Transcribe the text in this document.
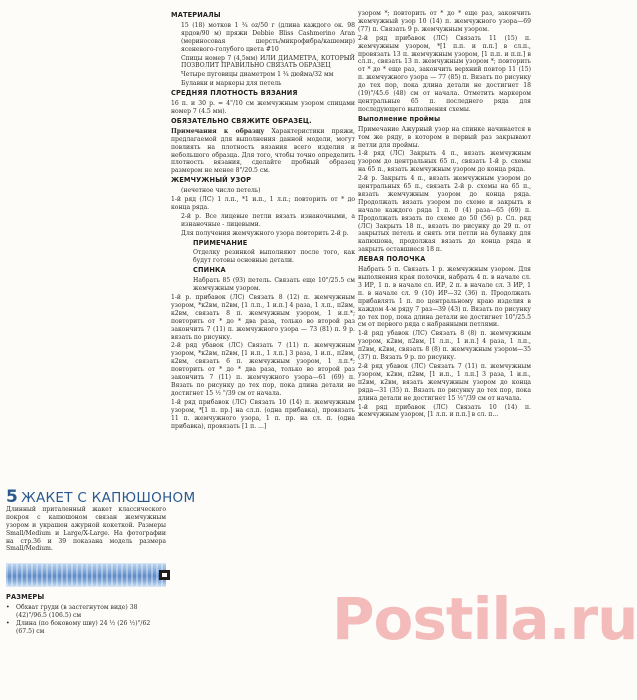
5 ЖАКЕТ С КАПЮШОНОМ
Длинный приталенный жакет классического покроя с капюшоном связан жемчужным узором и украшен ажурной кокеткой. Размеры Small/Medium и Large/X-Large. На фотографии на стр.36 и 39 показана модель размера Small/Medium.
РАЗМЕРЫ
•	Обхват груди (в застегнутом виде) 38 (42)"/96.5 (106.5) см
•	Длина (по боковому шву) 24 ½ (26 ½)"/62 (67.5) см
МАТЕРИАЛЫ
15 (18) мотков 1 ¾ оz/50 г (длина каждого ок. 98 ярдов/90 м) пряжи Debbie Bliss Cashmerino Aran (мериносовая шерсть/микрофибра/кашемир) ясеневого-голубого цвета #10
Спицы номер 7 (4,5мм) ИЛИ ДИАМЕТРА, КОТОРЫЙ ПОЗВОЛИТ ПРАВИЛЬНО СВЯЗАТЬ ОБРАЗЕЦ
Четыре пуговицы диаметром 1 ¾ дюйма/32 мм
Булавки и маркеры для петель
СРЕДНЯЯ ПЛОТНОСТЬ ВЯЗАНИЯ
16 п. и 30 р. = 4"/10 см жемчужным узором спицами номер 7 (4.5 мм).
ОБЯЗАТЕЛЬНО СВЯЖИТЕ ОБРАЗЕЦ.
Примечания к образцу Характеристики пряжи, предлагаемой для выполнения данной модели, могут повлиять на плотность вязания всего изделия и небольшого образца. Для того, чтобы точно определить плотность вязания, сделайте пробный образец размером не менее 8"/20.5 см.
ЖЕМЧУЖНЫЙ УЗОР
(нечетное число петель)
1-й ряд (ЛС) 1 л.п., *1 и.п., 1 л.п.; повторить от * до конца ряда.
2-й р. Все лицевые петли вязать изнаночными, а изнаночные - лицевыми.
Для получения жемчужного узора повторить 2-й р.
ПРИМЕЧАНИЕ
Отделку резинкой выполняют после того, как будут готовы основные детали.
СПИНКА
Набрать 85 (93) петель. Связать еще 10"/25.5 см жемчужным узором.
1-й р. прибавок (ЛС) Связать 8 (12) п. жемчужным узором, *к2вм, п2вм, [1 л.п., 1 и.п.] 4 раза, 1 л.п., п2вм, к2вм, связать 8 п. жемчужным узором, 1 и.п.*; повторить от * до * два раза, только во второй раз закончить 7 (11) п. жемчужного узора — 73 (81) п. 9 р. вязать по рисунку.
2-й ряд убавок (ЛС) Связать 7 (11) п. жемчужным узором, *к2вм, п2вм, [1 и.п., 1 л.п.] 3 раза, 1 и.п., п2вм, к2вм, связать 6 п. жемчужным узором, 1 л.п.*; повторить от * до * два раза, только во второй раз закончить 7 (11) п. жемчужного узора—61 (69) п. Вязать по рисунку до тех пор, пока длина детали не достигнет 15 ½ "/39 см от начала.
1-й ряд прибавок (ЛС) Связать 10 (14) п. жемчужным узором, *[1 п. пр.] на сл.п. (одна прибавка), провязать 11 п. жемчужного узора, 1 п. пр. на сл. п. (одна прибавка), провязать [1 п. ...]
узором *; повторить от * до * еще раз, закончить жемчужный узор 10 (14) п. жемчужного узора—69 (77) п. Связать 9 р. жемчужным узором.
2-й ряд прибавок (ЛС) Связать 11 (15) п. жемчужным узором, *[1 п.п. и п.п.] в сл.п., провязать 13 п. жемчужным узором, [1 п.п. и п.п.] в сл.п., связать 13 п. жемчужным узором *; повторить от * до * еще раз, закончить верхний повтор 11 (15) п. жемчужного узора — 77 (85) п. Вязать по рисунку до тех пор, пока длина детали не достигнет 18 (19)"/45.6 (48) см от начала. Отметить маркером центральные 65 п. последнего ряда для последующего выполнения схемы.
Выполнение проймы
Примечание Ажурный узор на спинке начинается в том же ряду, в котором в первый раз закрывают петли для проймы.
1-й ряд (ЛС) Закрыть 4 п., вязать жемчужным узором до центральных 65 п., связать 1-й р. схемы на 65 п., вязать жемчужным узором до конца ряда.
2-й р. Закрыть 4 п., вязать жемчужным узором до центральных 65 п., связать 2-й р. схемы на 65 п., вязать жемчужным узором до конца ряда. Продолжать вязать узором по схеме и закрыть в начале каждого ряда 1 п. 0 (4) раза—65 (69) п. Продолжать вязать по схеме до 50 (56) р. Сл. ряд (ЛС) Закрыть 18 п., вязать по рисунку до 29 п. от закрытых петель и снять эти петли на булавку для капюшона, продолжая вязать до конца ряда и закрыть оставшиеся 18 п.
ЛЕВАЯ ПОЛОЧКА
Набрать 5 п. Связать 1 р. жемчужным узором. Для выполнения края полочки, набрать 4 п. в начале сл. 3 ИР, 1 п. в начале сл. ИР, 2 п. в начале сл. 3 ИР, 1 п. в начале сл. 9 (10) ИР—32 (36) п. Продолжать прибавлять 1 п. по центральному краю изделия в каждом 4-м ряду 7 раз—39 (43) п. Вязать по рисунку до тех пор, пока длина детали не достигнет 10"/25.5 см от первого ряда с набранными петлями.
1-й ряд убавок (ЛС) Связать 8 (8) п. жемчужным узором, к2вм, п2вм, [1 л.п., 1 и.п.] 4 раза, 1 л.п., п2вм, к2вм, связать 8 (8) п. жемчужным узором—35 (37) п. Вязать 9 р. по рисунку.
2-й ряд убавок (ЛС) Связать 7 (11) п. жемчужным узором, к2вм, п2вм, [1 и.п., 1 л.п.] 3 раза, 1 и.п., п2вм, к2вм, вязать жемчужным узором до конца ряда—31 (35) п. Вязать по рисунку до тех пор, пока длина детали не достигнет 15 ½"/39 см от начала.
1-й ряд прибавок (ЛС) Связать 10 (14) п. жемчужным узором, [1 л.п. и п.п.] в сл. п...
Postila.ru
